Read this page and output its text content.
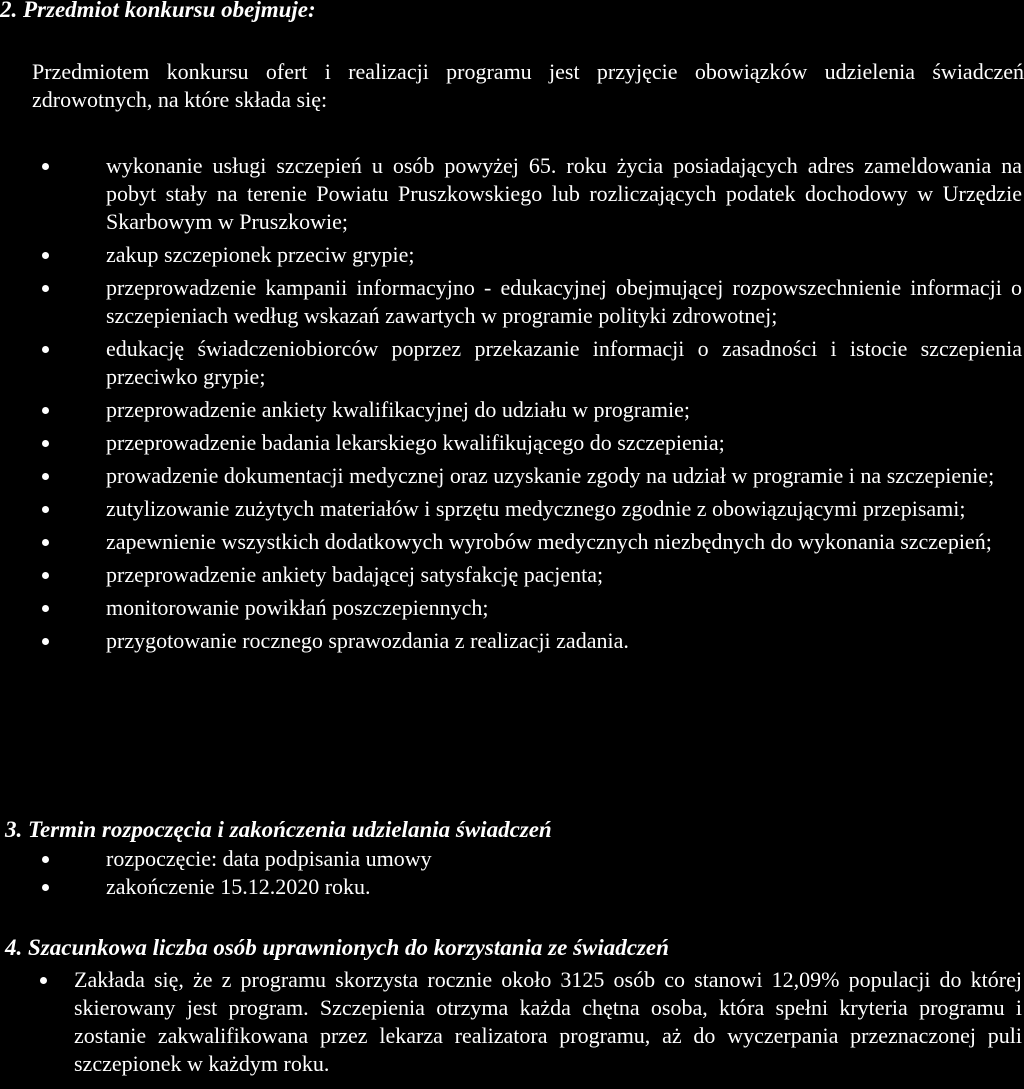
2. Przedmiot konkursu obejmuje:
Przedmiotem konkursu ofert i realizacji programu jest przyjęcie obowiązków udzielenia świadczeń zdrowotnych, na które składa się:
wykonanie usługi szczepień u osób powyżej 65. roku życia posiadających adres zameldowania na pobyt stały na terenie Powiatu Pruszkowskiego lub rozliczających podatek dochodowy w Urzędzie Skarbowym w Pruszkowie;
zakup szczepionek przeciw grypie;
przeprowadzenie kampanii informacyjno - edukacyjnej obejmującej rozpowszechnienie informacji o szczepieniach według wskazań zawartych w programie polityki zdrowotnej;
edukację świadczeniobiorców poprzez przekazanie informacji o zasadności i istocie szczepienia przeciwko grypie;
przeprowadzenie ankiety kwalifikacyjnej do udziału w programie;
przeprowadzenie badania lekarskiego kwalifikującego do szczepienia;
prowadzenie dokumentacji medycznej oraz uzyskanie zgody na udział w programie i na szczepienie;
zutylizowanie zużytych materiałów i sprzętu medycznego zgodnie z obowiązującymi przepisami;
zapewnienie wszystkich dodatkowych wyrobów medycznych niezbędnych do wykonania szczepień;
przeprowadzenie ankiety badającej satysfakcję pacjenta;
monitorowanie powikłań poszczepiennych;
przygotowanie rocznego sprawozdania z realizacji zadania.
3. Termin rozpoczęcia i zakończenia udzielania świadczeń
rozpoczęcie: data podpisania umowy
zakończenie 15.12.2020 roku.
4. Szacunkowa liczba osób uprawnionych do korzystania ze świadczeń
Zakłada się, że z programu skorzysta rocznie około 3125 osób co stanowi 12,09% populacji do której skierowany jest program. Szczepienia otrzyma każda chętna osoba, która spełni kryteria programu i zostanie zakwalifikowana przez lekarza realizatora programu, aż do wyczerpania przeznaczonej puli szczepionek w każdym roku.
